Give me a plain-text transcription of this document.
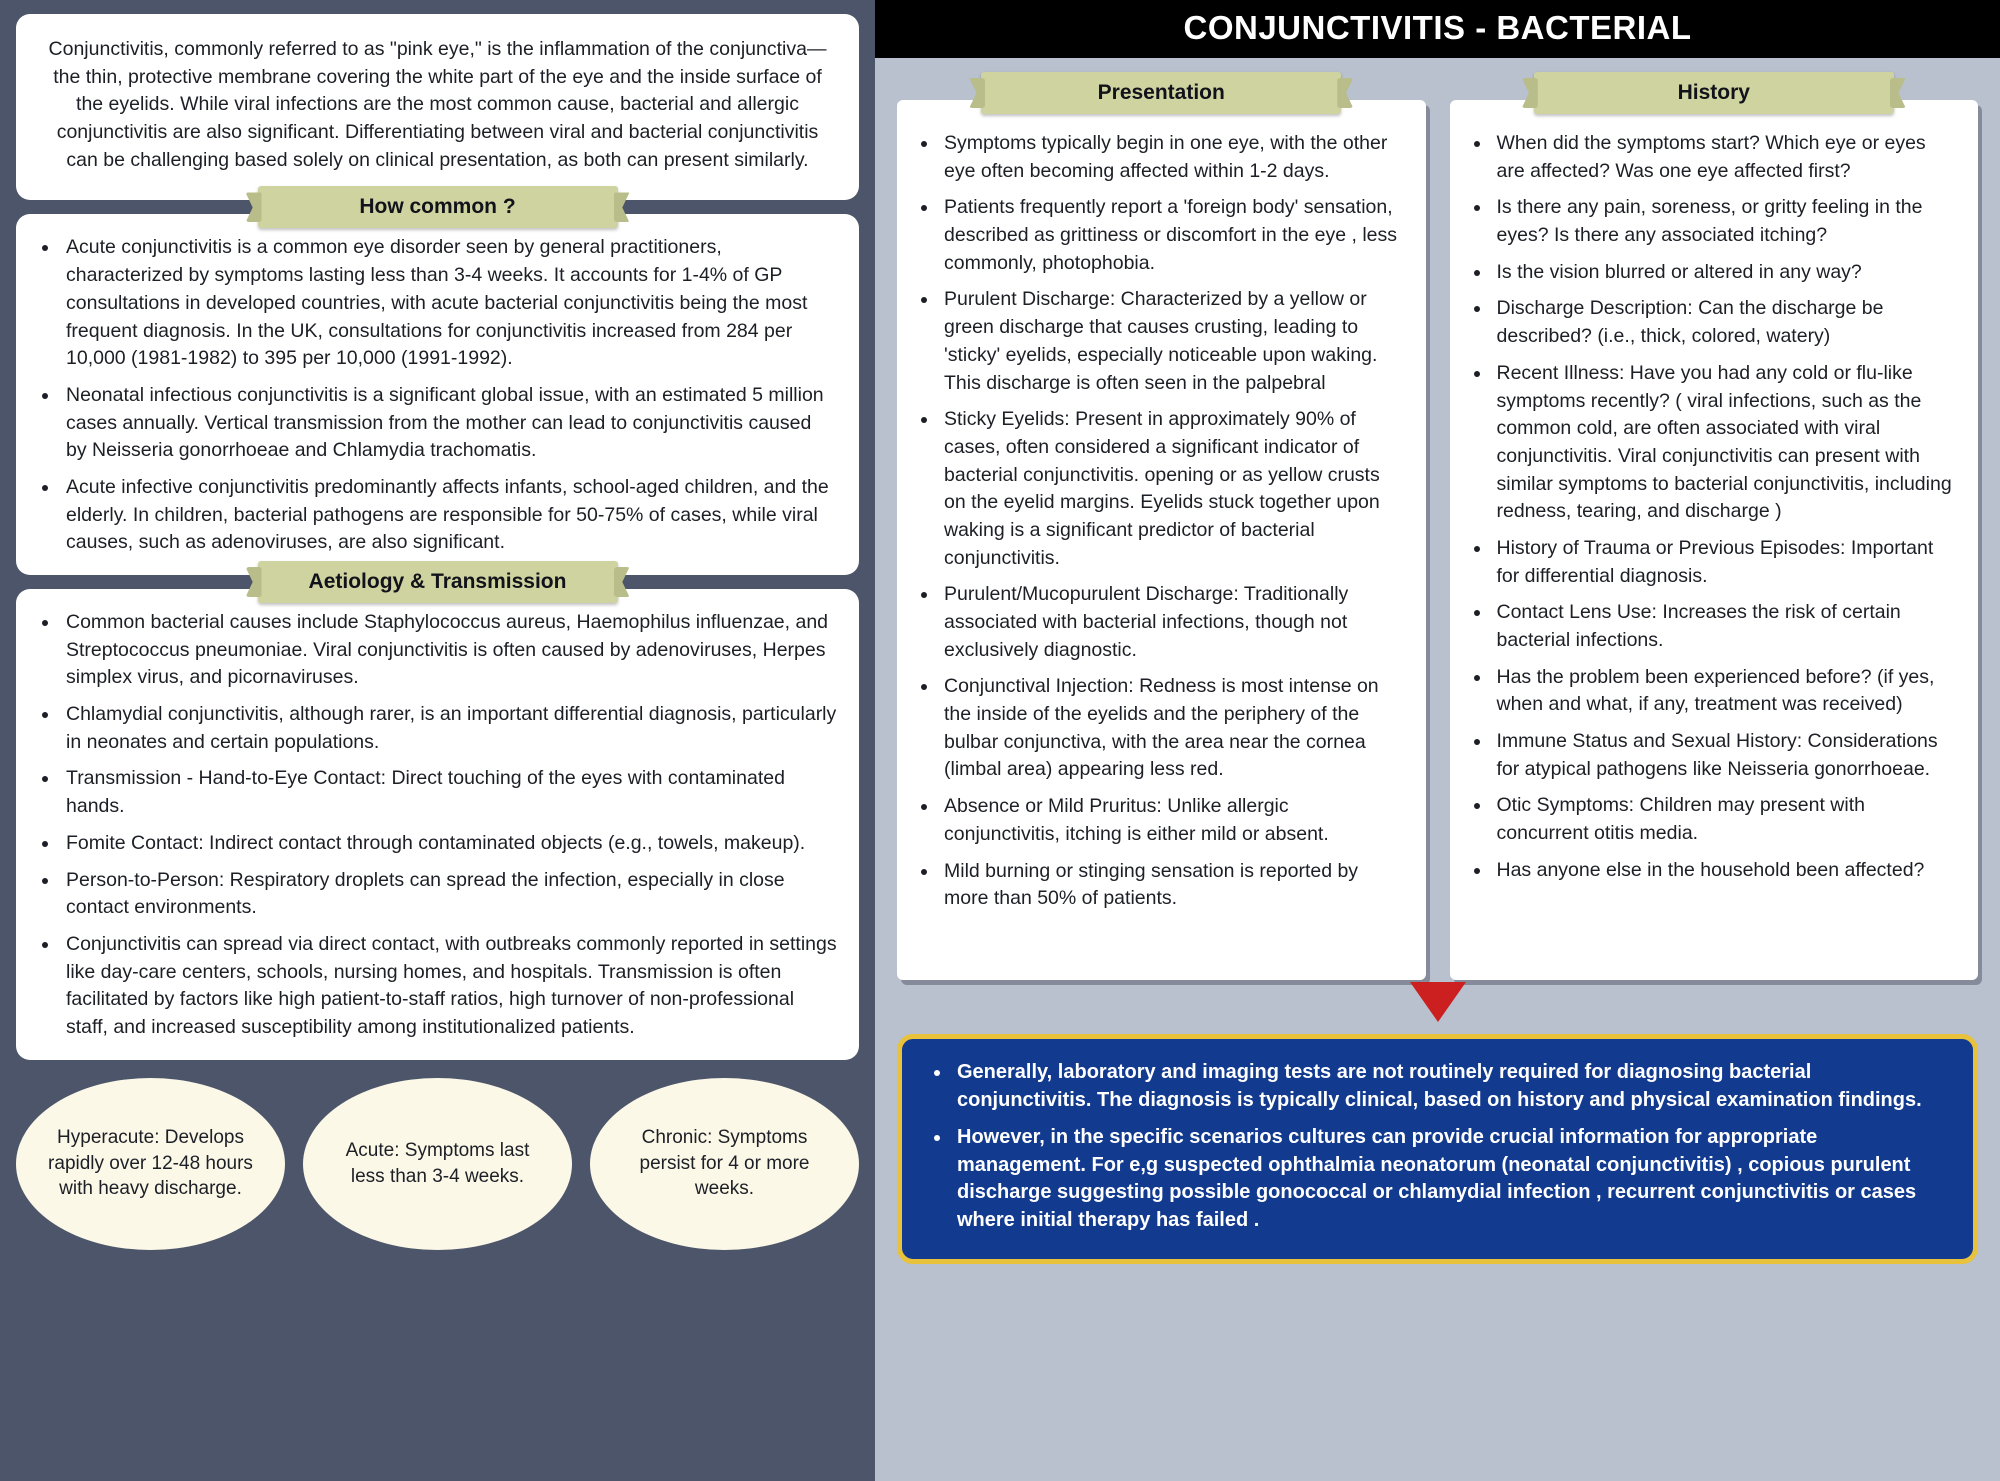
Conjunctivitis, commonly referred to as "pink eye," is the inflammation of the conjunctiva—the thin, protective membrane covering the white part of the eye and the inside surface of the eyelids. While viral infections are the most common cause, bacterial and allergic conjunctivitis are also significant. Differentiating between viral and bacterial conjunctivitis can be challenging based solely on clinical presentation, as both can present similarly.
How common ?
• Acute conjunctivitis is a common eye disorder seen by general practitioners, characterized by symptoms lasting less than 3-4 weeks. It accounts for 1-4% of GP consultations in developed countries, with acute bacterial conjunctivitis being the most frequent diagnosis. In the UK, consultations for conjunctivitis increased from 284 per 10,000 (1981-1982) to 395 per 10,000 (1991-1992).
• Neonatal infectious conjunctivitis is a significant global issue, with an estimated 5 million cases annually. Vertical transmission from the mother can lead to conjunctivitis caused by Neisseria gonorrhoeae and Chlamydia trachomatis.
• Acute infective conjunctivitis predominantly affects infants, school-aged children, and the elderly. In children, bacterial pathogens are responsible for 50-75% of cases, while viral causes, such as adenoviruses, are also significant.
Aetiology & Transmission
• Common bacterial causes include Staphylococcus aureus, Haemophilus influenzae, and Streptococcus pneumoniae. Viral conjunctivitis is often caused by adenoviruses, Herpes simplex virus, and picornaviruses.
• Chlamydial conjunctivitis, although rarer, is an important differential diagnosis, particularly in neonates and certain populations.
• Transmission - Hand-to-Eye Contact: Direct touching of the eyes with contaminated hands.
• Fomite Contact: Indirect contact through contaminated objects (e.g., towels, makeup).
• Person-to-Person: Respiratory droplets can spread the infection, especially in close contact environments.
• Conjunctivitis can spread via direct contact, with outbreaks commonly reported in settings like day-care centers, schools, nursing homes, and hospitals. Transmission is often facilitated by factors like high patient-to-staff ratios, high turnover of non-professional staff, and increased susceptibility among institutionalized patients.
Hyperacute: Develops rapidly over 12-48 hours with heavy discharge.
Acute: Symptoms last less than 3-4 weeks.
Chronic: Symptoms persist for 4 or more weeks.
CONJUNCTIVITIS - BACTERIAL
Presentation
• Symptoms typically begin in one eye, with the other eye often becoming affected within 1-2 days.
• Patients frequently report a 'foreign body' sensation, described as grittiness or discomfort in the eye , less commonly, photophobia.
• Purulent Discharge: Characterized by a yellow or green discharge that causes crusting, leading to 'sticky' eyelids, especially noticeable upon waking. This discharge is often seen in the palpebral
• Sticky Eyelids: Present in approximately 90% of cases, often considered a significant indicator of bacterial conjunctivitis. opening or as yellow crusts on the eyelid margins. Eyelids stuck together upon waking is a significant predictor of bacterial conjunctivitis.
• Purulent/Mucopurulent Discharge: Traditionally associated with bacterial infections, though not exclusively diagnostic.
• Conjunctival Injection: Redness is most intense on the inside of the eyelids and the periphery of the bulbar conjunctiva, with the area near the cornea (limbal area) appearing less red.
• Absence or Mild Pruritus: Unlike allergic conjunctivitis, itching is either mild or absent.
• Mild burning or stinging sensation is reported by more than 50% of patients.
History
• When did the symptoms start? Which eye or eyes are affected? Was one eye affected first?
• Is there any pain, soreness, or gritty feeling in the eyes? Is there any associated itching?
• Is the vision blurred or altered in any way?
• Discharge Description: Can the discharge be described? (i.e., thick, colored, watery)
• Recent Illness: Have you had any cold or flu-like symptoms recently? ( viral infections, such as the common cold, are often associated with viral conjunctivitis. Viral conjunctivitis can present with similar symptoms to bacterial conjunctivitis, including redness, tearing, and discharge )
• History of Trauma or Previous Episodes: Important for differential diagnosis.
• Contact Lens Use: Increases the risk of certain bacterial infections.
• Has the problem been experienced before? (if yes, when and what, if any, treatment was received)
• Immune Status and Sexual History: Considerations for atypical pathogens like Neisseria gonorrhoeae.
• Otic Symptoms: Children may present with concurrent otitis media.
• Has anyone else in the household been affected?
• Generally, laboratory and imaging tests are not routinely required for diagnosing bacterial conjunctivitis. The diagnosis is typically clinical, based on history and physical examination findings.
• However, in the specific scenarios cultures can provide crucial information for appropriate management. For e,g suspected ophthalmia neonatorum (neonatal conjunctivitis) , copious purulent discharge suggesting possible gonococcal or chlamydial infection , recurrent conjunctivitis or cases where initial therapy has failed .
